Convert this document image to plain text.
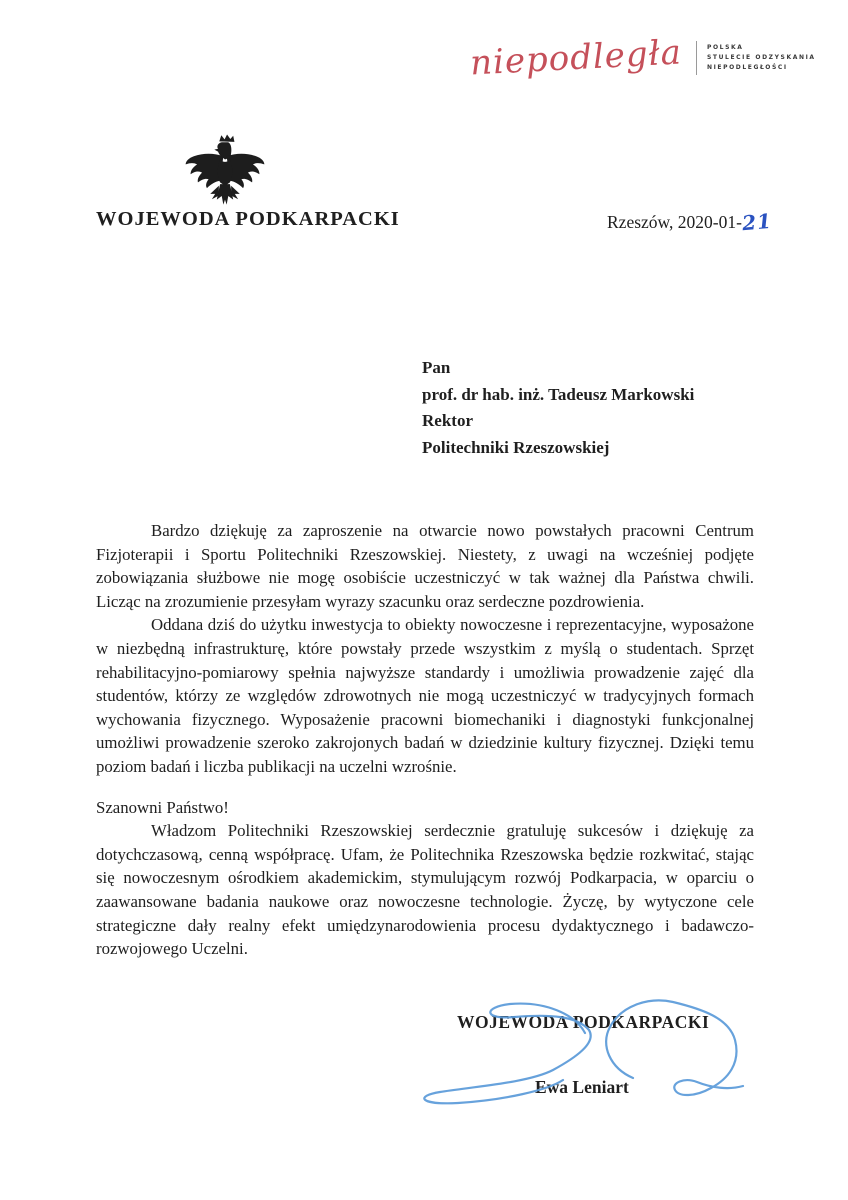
niepodległa	POLSKA
STULECIE ODZYSKANIA
NIEPODLEGŁOŚCI
WOJEWODA PODKARPACKI	Rzeszów, 2020-01-21
Pan
prof. dr hab. inż. Tadeusz Markowski
Rektor
Politechniki Rzeszowskiej

Bardzo dziękuję za zaproszenie na otwarcie nowo powstałych pracowni Centrum Fizjoterapii i Sportu Politechniki Rzeszowskiej. Niestety, z uwagi na wcześniej podjęte zobowiązania służbowe nie mogę osobiście uczestniczyć w tak ważnej dla Państwa chwili. Licząc na zrozumienie przesyłam wyrazy szacunku oraz serdeczne pozdrowienia.

Oddana dziś do użytku inwestycja to obiekty nowoczesne i reprezentacyjne, wyposażone w niezbędną infrastrukturę, które powstały przede wszystkim z myślą o studentach. Sprzęt rehabilitacyjno-pomiarowy spełnia najwyższe standardy i umożliwia prowadzenie zajęć dla studentów, którzy ze względów zdrowotnych nie mogą uczestniczyć w tradycyjnych formach wychowania fizycznego. Wyposażenie pracowni biomechaniki i diagnostyki funkcjonalnej umożliwi prowadzenie szeroko zakrojonych badań w dziedzinie kultury fizycznej. Dzięki temu poziom badań i liczba publikacji na uczelni wzrośnie.

Szanowni Państwo!

Władzom Politechniki Rzeszowskiej serdecznie gratuluję sukcesów i dziękuję za dotychczasową, cenną współpracę. Ufam, że Politechnika Rzeszowska będzie rozkwitać, stając się nowoczesnym ośrodkiem akademickim, stymulującym rozwój Podkarpacia, w oparciu o zaawansowane badania naukowe oraz nowoczesne technologie. Życzę, by wytyczone cele strategiczne dały realny efekt umiędzynarodowienia procesu dydaktycznego i badawczo-rozwojowego Uczelni.

WOJEWODA PODKARPACKI
Ewa Leniart
